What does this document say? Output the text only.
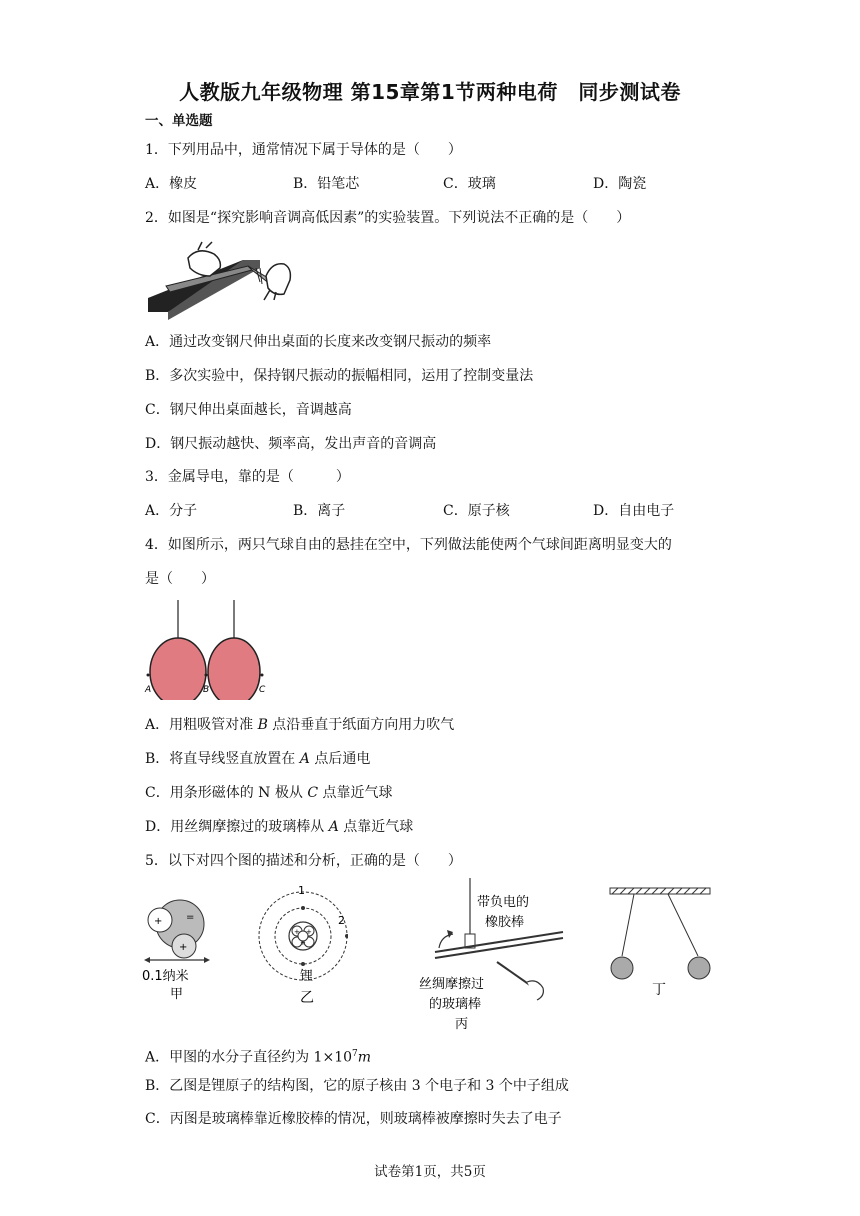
人教版九年级物理 第15章第1节两种电荷　同步测试卷
一、单选题
1．下列用品中，通常情况下属于导体的是（　　）
A．橡皮	B．铅笔芯	C．玻璃	D．陶瓷
2．如图是“探究影响音调高低因素”的实验装置。下列说法不正确的是（　　）
A．通过改变钢尺伸出桌面的长度来改变钢尺振动的频率
B．多次实验中，保持钢尺振动的振幅相同，运用了控制变量法
C．钢尺伸出桌面越长，音调越高
D．钢尺振动越快、频率高，发出声音的音调高
3．金属导电，靠的是（　　　）
A．分子	B．离子	C．原子核	D．自由电子
4．如图所示，两只气球自由的悬挂在空中，下列做法能使两个气球间距离明显变大的
是（　　）
A	B	C
A．用粗吸管对准 B 点沿垂直于纸面方向用力吹气
B．将直导线竖直放置在 A 点后通电
C．用条形磁体的 N 极从 C 点靠近气球
D．用丝绸摩擦过的玻璃棒从 A 点靠近气球
5．以下对四个图的描述和分析，正确的是（　　）
+
+
=
0.1纳米
甲
+ +
+
1
2
锂
乙
带负电的
橡胶棒
丝绸摩擦过
的玻璃棒
丙
丁
A．甲图的水分子直径约为 $1\times 10^7m$
B．乙图是锂原子的结构图，它的原子核由 3 个电子和 3 个中子组成
C．丙图是玻璃棒靠近橡胶棒的情况，则玻璃棒被摩擦时失去了电子
试卷第1页，共5页
